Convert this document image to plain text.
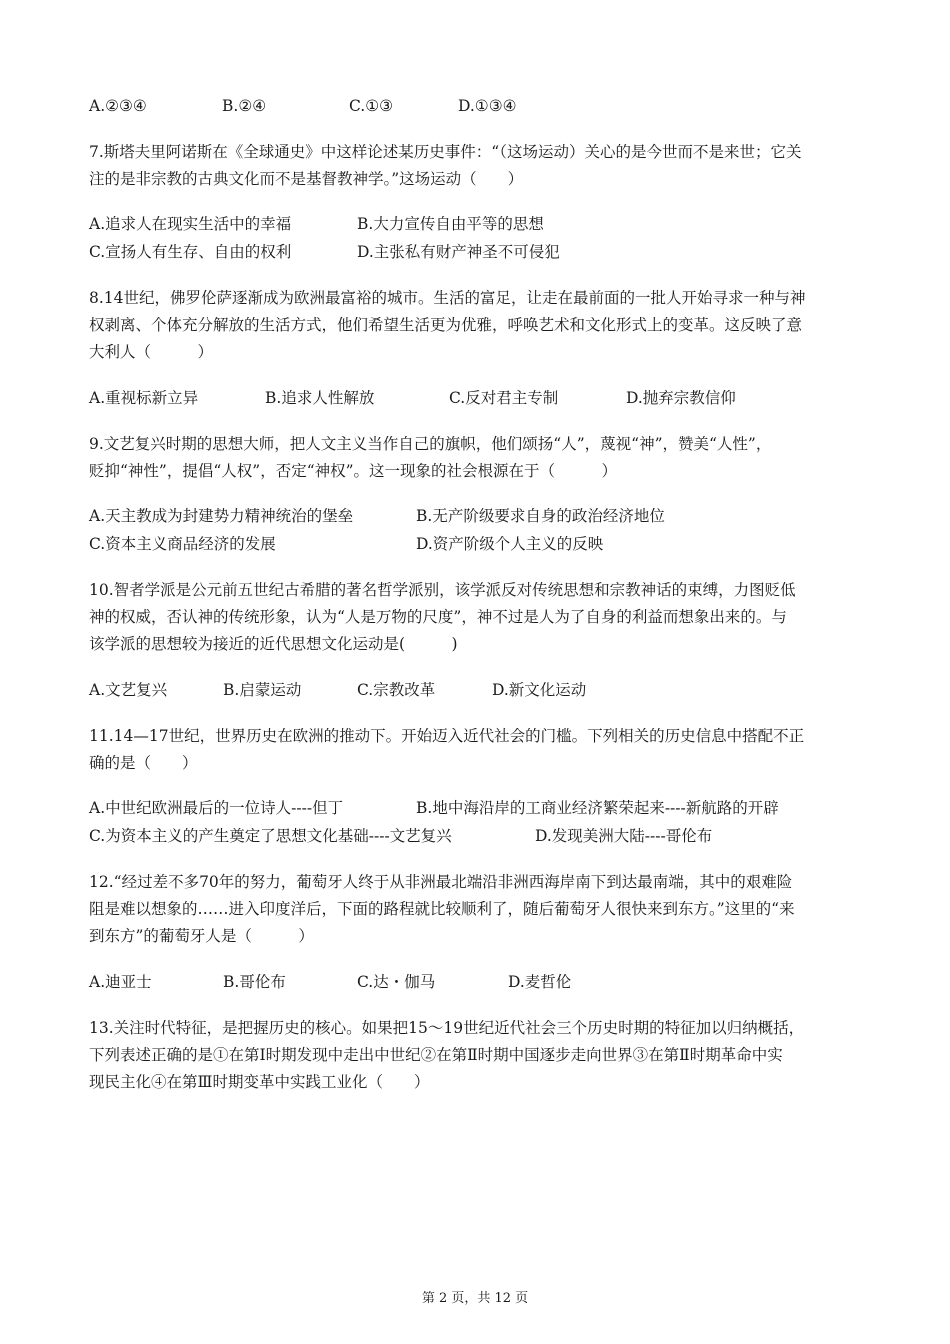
A.②③④	B.②④	C.①③	D.①③④
7.斯塔夫里阿诺斯在《全球通史》中这样论述某历史事件：“（这场运动）关心的是今世而不是来世；它关
注的是非宗教的古典文化而不是基督教神学。”这场运动（　　）
A.追求人在现实生活中的幸福	B.大力宣传自由平等的思想
C.宣扬人有生存、自由的权利	D.主张私有财产神圣不可侵犯
8.14世纪，佛罗伦萨逐渐成为欧洲最富裕的城市。生活的富足，让走在最前面的一批人开始寻求一种与神
权剥离、个体充分解放的生活方式，他们希望生活更为优雅，呼唤艺术和文化形式上的变革。这反映了意
大利人（　　　）
A.重视标新立异	B.追求人性解放	C.反对君主专制	D.抛弃宗教信仰
9.文艺复兴时期的思想大师，把人文主义当作自己的旗帜，他们颂扬“人”，蔑视“神”，赞美“人性”，
贬抑“神性”，提倡“人权”，否定“神权”。这一现象的社会根源在于（　　　）
A.天主教成为封建势力精神统治的堡垒	B.无产阶级要求自身的政治经济地位
C.资本主义商品经济的发展	D.资产阶级个人主义的反映
10.智者学派是公元前五世纪古希腊的著名哲学派别，该学派反对传统思想和宗教神话的束缚，力图贬低
神的权威，否认神的传统形象，认为“人是万物的尺度”，神不过是人为了自身的利益而想象出来的。与
该学派的思想较为接近的近代思想文化运动是(　　　)
A.文艺复兴	B.启蒙运动	C.宗教改革	D.新文化运动
11.14—17世纪，世界历史在欧洲的推动下。开始迈入近代社会的门槛。下列相关的历史信息中搭配不正
确的是（　　）
A.中世纪欧洲最后的一位诗人----但丁	B.地中海沿岸的工商业经济繁荣起来----新航路的开辟
C.为资本主义的产生奠定了思想文化基础----文艺复兴	D.发现美洲大陆----哥伦布
12.“经过差不多70年的努力，葡萄牙人终于从非洲最北端沿非洲西海岸南下到达最南端，其中的艰难险
阻是难以想象的……进入印度洋后，下面的路程就比较顺利了，随后葡萄牙人很快来到东方。”这里的“来
到东方”的葡萄牙人是（　　　）
A.迪亚士	B.哥伦布	C.达・伽马	D.麦哲伦
13.关注时代特征，是把握历史的核心。如果把15～19世纪近代社会三个历史时期的特征加以归纳概括，
下列表述正确的是①在第Ⅰ时期发现中走出中世纪②在第Ⅱ时期中国逐步走向世界③在第Ⅱ时期革命中实
现民主化④在第Ⅲ时期变革中实践工业化（　　）
第 2 页，共 12 页
